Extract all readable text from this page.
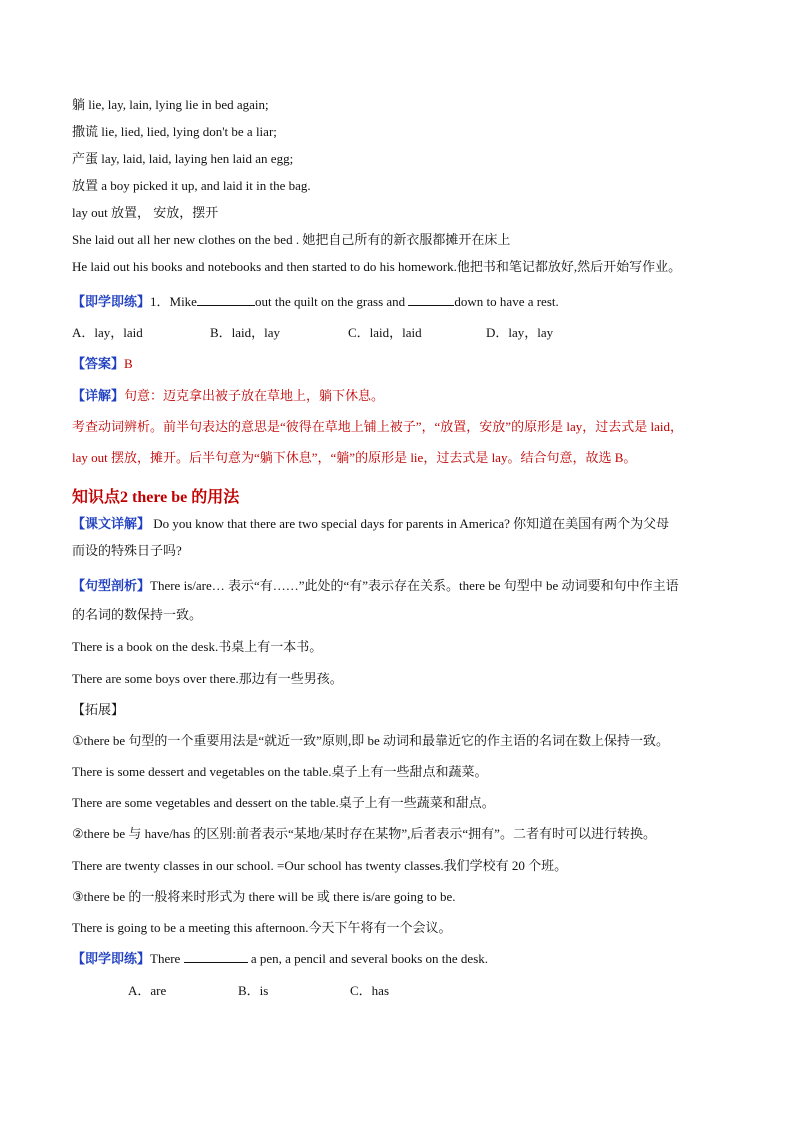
躺 lie, lay, lain, lying lie in bed again;
撒谎 lie, lied, lied, lying don't be a liar;
产蛋 lay, laid, laid, laying hen laid an egg;
放置 a boy picked it up, and laid it in the bag.
lay out 放置， 安放，摆开
She laid out all her new clothes on the bed . 她把自己所有的新衣服都摊开在床上
He laid out his books and notebooks and then started to do his homework.他把书和笔记都放好,然后开始写作业。
【即学即练】1．Mike	out the quilt on the grass and	down to have a rest.
A．lay，laid	B．laid，lay	C．laid，laid	D．lay，lay
【答案】B
【详解】句意：迈克拿出被子放在草地上，躺下休息。
考查动词辨析。前半句表达的意思是“彼得在草地上铺上被子”，“放置，安放”的原形是 lay，过去式是 laid，
lay out 摆放，摊开。后半句意为“躺下休息”，“躺”的原形是 lie，过去式是 lay。结合句意，故选 B。
知识点2 there be 的用法
【课文详解】 Do you know that there are two special days for parents in America? 你知道在美国有两个为父母
而设的特殊日子吗?
【句型剖析】There is/are… 表示“有……”此处的“有”表示存在关系。there be 句型中 be 动词要和句中作主语
的名词的数保持一致。
There is a book on the desk.书桌上有一本书。
There are some boys over there.那边有一些男孩。
【拓展】
①there be 句型的一个重要用法是“就近一致”原则,即 be 动词和最靠近它的作主语的名词在数上保持一致。
There is some dessert and vegetables on the table.桌子上有一些甜点和蔬菜。
There are some vegetables and dessert on the table.桌子上有一些蔬菜和甜点。
②there be 与 have/has 的区别:前者表示“某地/某时存在某物”,后者表示“拥有”。二者有时可以进行转换。
There are twenty classes in our school. =Our school has twenty classes.我们学校有 20 个班。
③there be 的一般将来时形式为 there will be 或 there is/are going to be.
There is going to be a meeting this afternoon.今天下午将有一个会议。
【即学即练】There	a pen, a pencil and several books on the desk.
A．are	B．is	C．has
